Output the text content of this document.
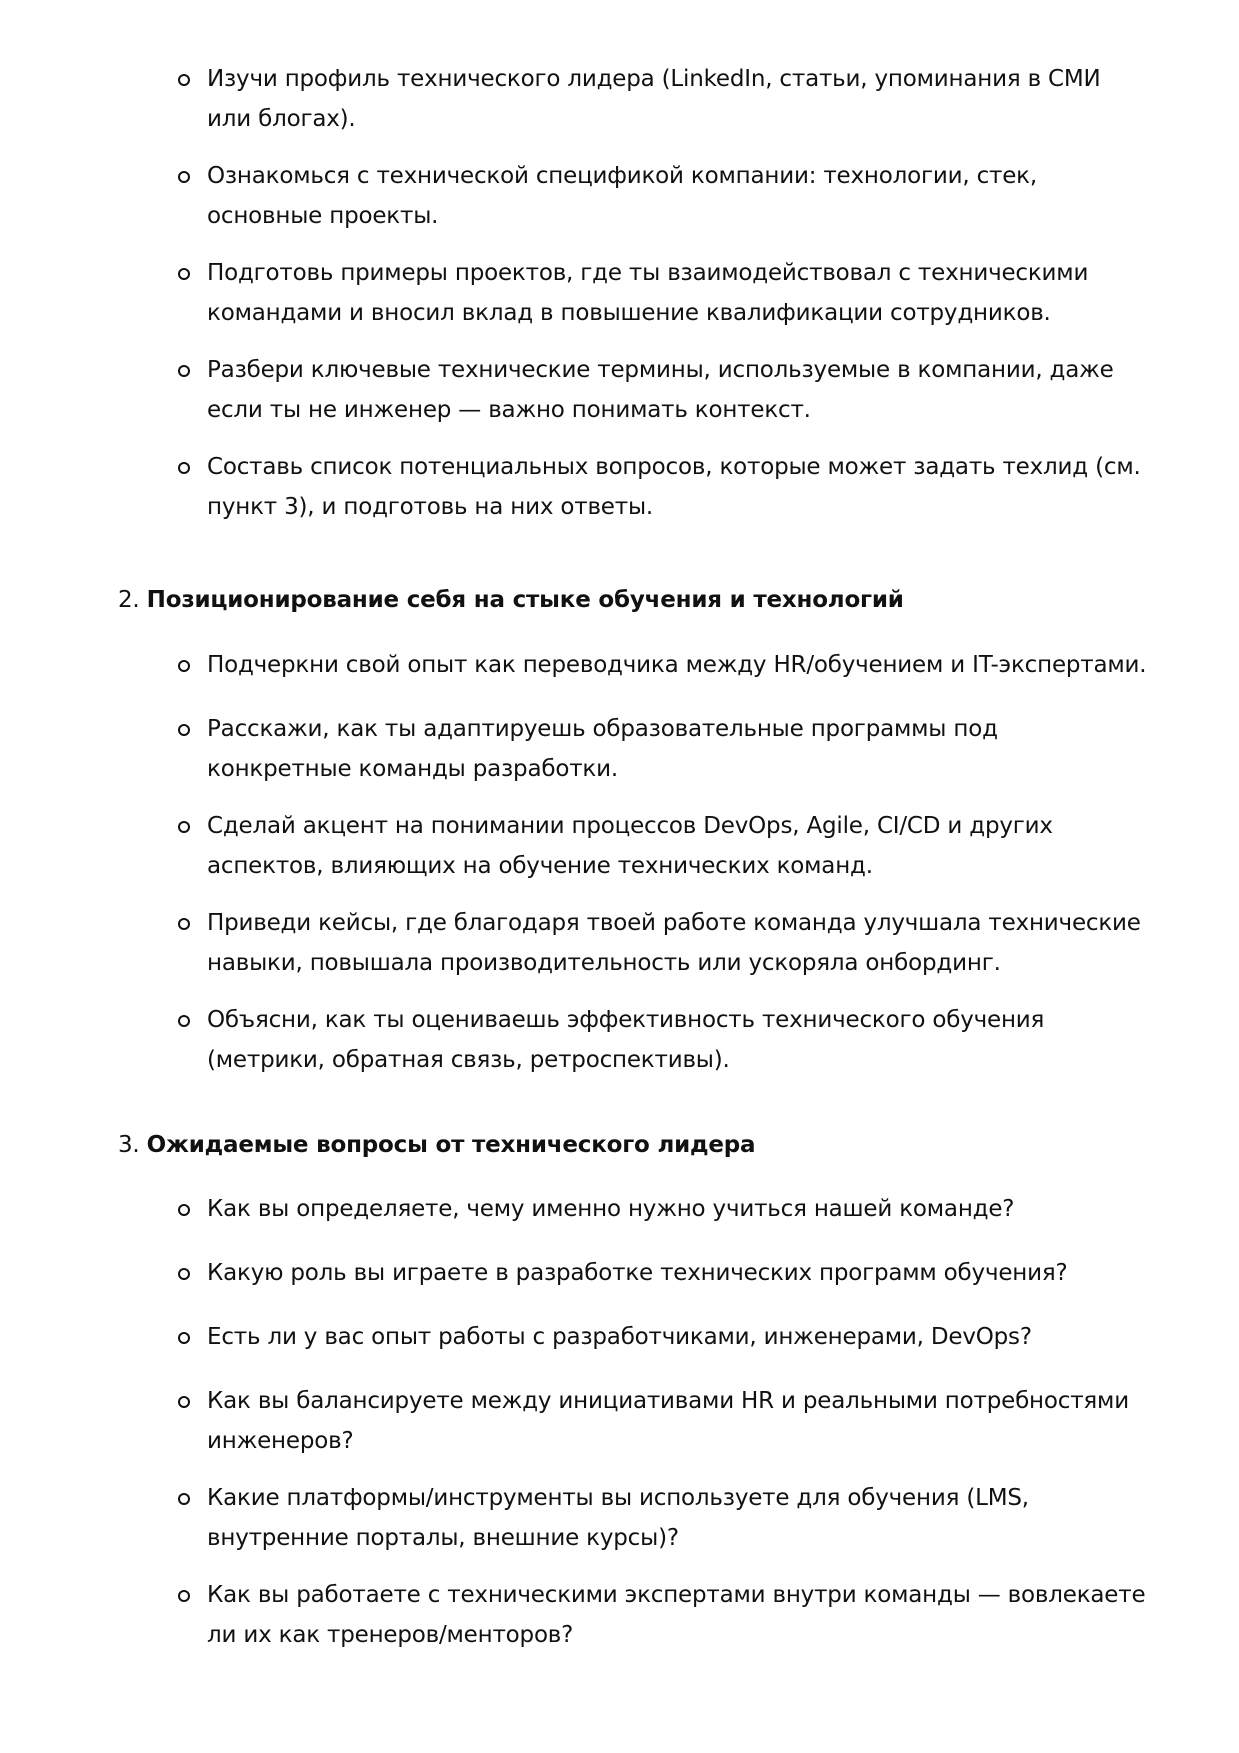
Изучи профиль технического лидера (LinkedIn, статьи, упоминания в СМИ или блогах).
Ознакомься с технической спецификой компании: технологии, стек, основные проекты.
Подготовь примеры проектов, где ты взаимодействовал с техническими командами и вносил вклад в повышение квалификации сотрудников.
Разбери ключевые технические термины, используемые в компании, даже если ты не инженер — важно понимать контекст.
Составь список потенциальных вопросов, которые может задать техлид (см. пункт 3), и подготовь на них ответы.
2. Позиционирование себя на стыке обучения и технологий
Подчеркни свой опыт как переводчика между HR/обучением и IT-экспертами.
Расскажи, как ты адаптируешь образовательные программы под конкретные команды разработки.
Сделай акцент на понимании процессов DevOps, Agile, CI/CD и других аспектов, влияющих на обучение технических команд.
Приведи кейсы, где благодаря твоей работе команда улучшала технические навыки, повышала производительность или ускоряла онбординг.
Объясни, как ты оцениваешь эффективность технического обучения (метрики, обратная связь, ретроспективы).
3. Ожидаемые вопросы от технического лидера
Как вы определяете, чему именно нужно учиться нашей команде?
Какую роль вы играете в разработке технических программ обучения?
Есть ли у вас опыт работы с разработчиками, инженерами, DevOps?
Как вы балансируете между инициативами HR и реальными потребностями инженеров?
Какие платформы/инструменты вы используете для обучения (LMS, внутренние порталы, внешние курсы)?
Как вы работаете с техническими экспертами внутри команды — вовлекаете ли их как тренеров/менторов?
